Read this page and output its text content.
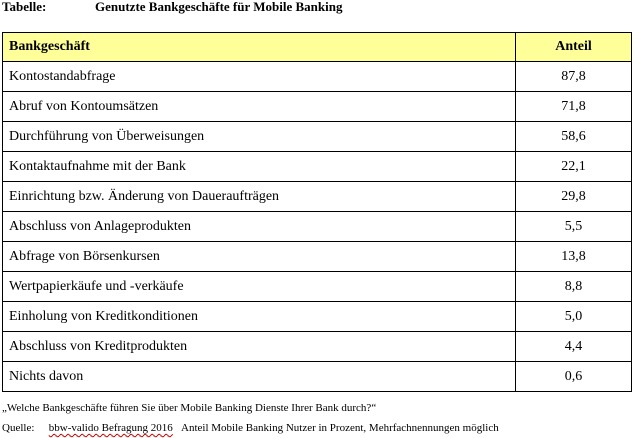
Tabelle:	Genutzte Bankgeschäfte für Mobile Banking
Bankgeschäft	Anteil
Kontostandabfrage	87,8
Abruf von Kontoumsätzen	71,8
Durchführung von Überweisungen	58,6
Kontaktaufnahme mit der Bank	22,1
Einrichtung bzw. Änderung von Daueraufträgen	29,8
Abschluss von Anlageprodukten	5,5
Abfrage von Börsenkursen	13,8
Wertpapierkäufe und -verkäufe	8,8
Einholung von Kreditkonditionen	5,0
Abschluss von Kreditprodukten	4,4
Nichts davon	0,6
„Welche Bankgeschäfte führen Sie über Mobile Banking Dienste Ihrer Bank durch?“
Quelle: bbw-valido Befragung 2016 Anteil Mobile Banking Nutzer in Prozent, Mehrfachnennungen möglich
